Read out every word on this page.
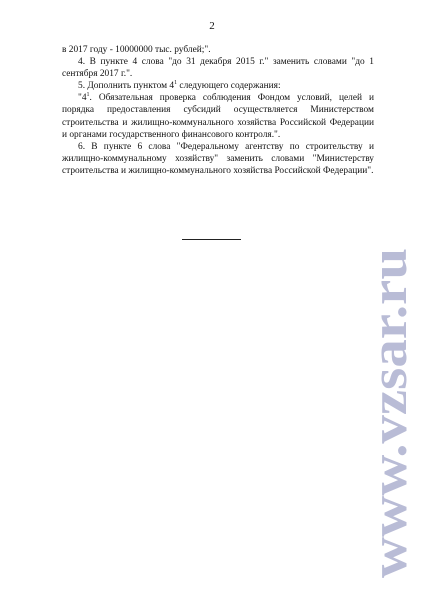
2

в 2017 году - 10000000 тыс. рублей;".

4. В пункте 4 слова "до 31 декабря 2015 г." заменить словами "до 1 сентября 2017 г.".

5. Дополнить пунктом $4^1$ следующего содержания:

"$4^1$. Обязательная проверка соблюдения Фондом условий, целей и порядка предоставления субсидий осуществляется Министерством строительства и жилищно-коммунального хозяйства Российской Федерации и органами государственного финансового контроля.".

6. В пункте 6 слова "Федеральному агентству по строительству и жилищно-коммунальному хозяйству" заменить словами "Министерству строительства и жилищно-коммунального хозяйства Российской Федерации".

www.vzsar.ru
